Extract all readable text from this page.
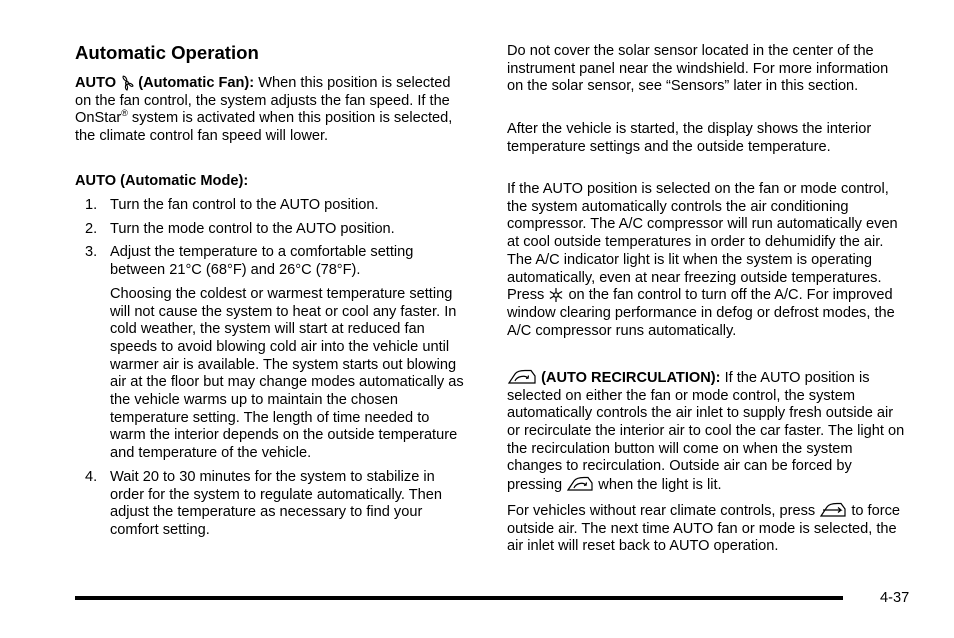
Automatic Operation

AUTO (Automatic Fan): When this position is selected on the fan control, the system adjusts the fan speed. If the OnStar® system is activated when this position is selected, the climate control fan speed will lower.

AUTO (Automatic Mode):

1. Turn the fan control to the AUTO position.
2. Turn the mode control to the AUTO position.
3. Adjust the temperature to a comfortable setting between 21°C (68°F) and 26°C (78°F).

Choosing the coldest or warmest temperature setting will not cause the system to heat or cool any faster. In cold weather, the system will start at reduced fan speeds to avoid blowing cold air into the vehicle until warmer air is available. The system starts out blowing air at the floor but may change modes automatically as the vehicle warms up to maintain the chosen temperature setting. The length of time needed to warm the interior depends on the outside temperature and temperature of the vehicle.

4. Wait 20 to 30 minutes for the system to stabilize in order for the system to regulate automatically. Then adjust the temperature as necessary to find your comfort setting.

Do not cover the solar sensor located in the center of the instrument panel near the windshield. For more information on the solar sensor, see “Sensors” later in this section.

After the vehicle is started, the display shows the interior temperature settings and the outside temperature.

If the AUTO position is selected on the fan or mode control, the system automatically controls the air conditioning compressor. The A/C compressor will run automatically even at cool outside temperatures in order to dehumidify the air. The A/C indicator light is lit when the system is operating automatically, even at near freezing outside temperatures. Press on the fan control to turn off the A/C. For improved window clearing performance in defog or defrost modes, the A/C compressor runs automatically.

(AUTO RECIRCULATION): If the AUTO position is selected on either the fan or mode control, the system automatically controls the air inlet to supply fresh outside air or recirculate the interior air to cool the car faster. The light on the recirculation button will come on when the system changes to recirculation. Outside air can be forced by pressing when the light is lit.

For vehicles without rear climate controls, press to force outside air. The next time AUTO fan or mode is selected, the air inlet will reset back to AUTO operation.

4-37
